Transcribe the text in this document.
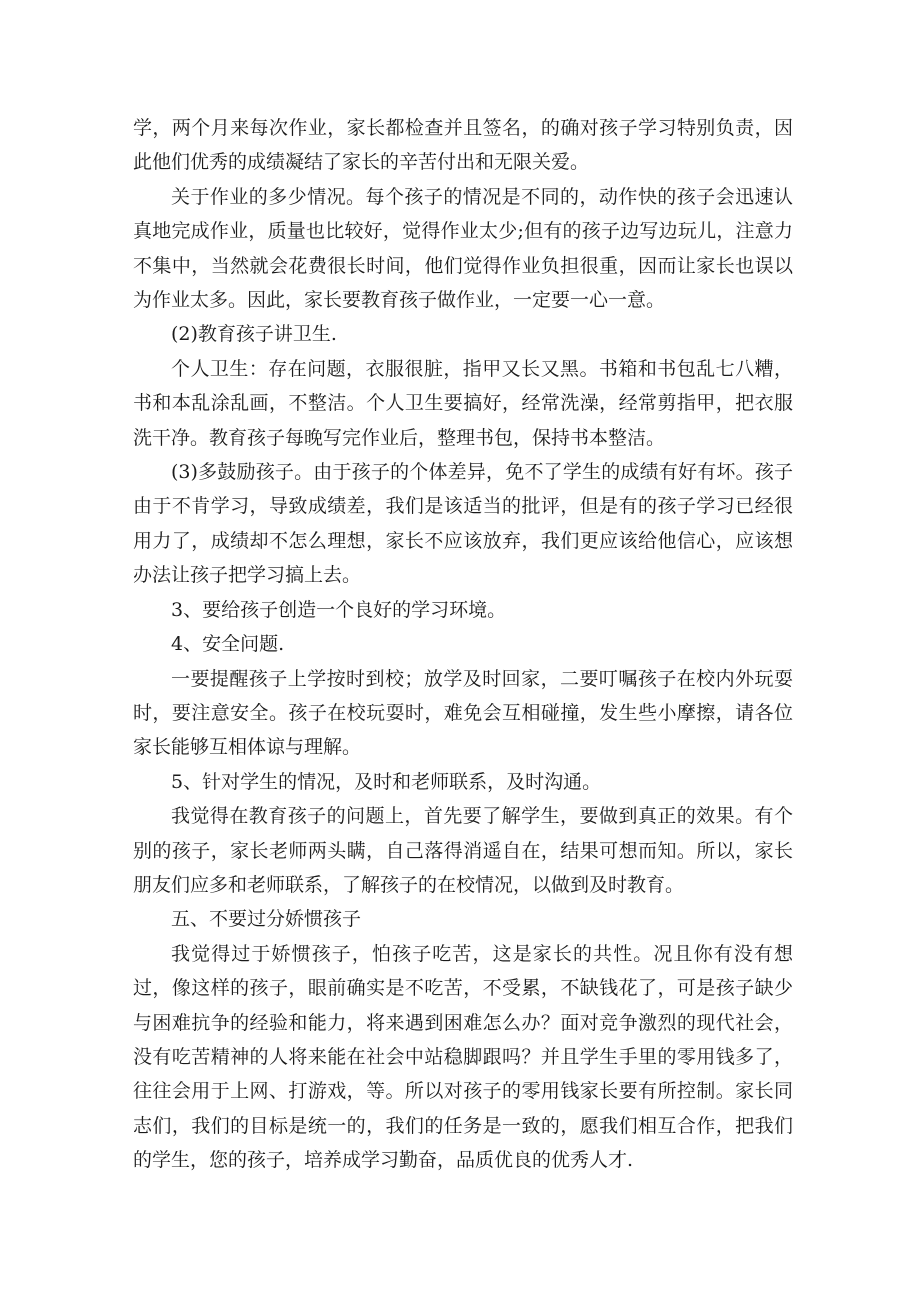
学，两个月来每次作业，家长都检查并且签名，的确对孩子学习特别负责，因此他们优秀的成绩凝结了家长的辛苦付出和无限关爱。

关于作业的多少情况。每个孩子的情况是不同的，动作快的孩子会迅速认真地完成作业，质量也比较好，觉得作业太少;但有的孩子边写边玩儿，注意力不集中，当然就会花费很长时间，他们觉得作业负担很重，因而让家长也误以为作业太多。因此，家长要教育孩子做作业，一定要一心一意。

(2)教育孩子讲卫生.

个人卫生：存在问题，衣服很脏，指甲又长又黑。书箱和书包乱七八糟，书和本乱涂乱画，不整洁。个人卫生要搞好，经常洗澡，经常剪指甲，把衣服洗干净。教育孩子每晚写完作业后，整理书包，保持书本整洁。

(3)多鼓励孩子。由于孩子的个体差异，免不了学生的成绩有好有坏。孩子由于不肯学习，导致成绩差，我们是该适当的批评，但是有的孩子学习已经很用力了，成绩却不怎么理想，家长不应该放弃，我们更应该给他信心，应该想办法让孩子把学习搞上去。

3、要给孩子创造一个良好的学习环境。

4、安全问题.

一要提醒孩子上学按时到校；放学及时回家，二要叮嘱孩子在校内外玩耍时，要注意安全。孩子在校玩耍时，难免会互相碰撞，发生些小摩擦，请各位家长能够互相体谅与理解。

5、针对学生的情况，及时和老师联系，及时沟通。

我觉得在教育孩子的问题上，首先要了解学生，要做到真正的效果。有个别的孩子，家长老师两头瞒，自己落得消遥自在，结果可想而知。所以，家长朋友们应多和老师联系，了解孩子的在校情况，以做到及时教育。

五、不要过分娇惯孩子

我觉得过于娇惯孩子，怕孩子吃苦，这是家长的共性。况且你有没有想过，像这样的孩子，眼前确实是不吃苦，不受累，不缺钱花了，可是孩子缺少与困难抗争的经验和能力，将来遇到困难怎么办？面对竞争激烈的现代社会，没有吃苦精神的人将来能在社会中站稳脚跟吗？并且学生手里的零用钱多了，往往会用于上网、打游戏，等。所以对孩子的零用钱家长要有所控制。家长同志们，我们的目标是统一的，我们的任务是一致的，愿我们相互合作，把我们的学生，您的孩子，培养成学习勤奋，品质优良的优秀人才.
